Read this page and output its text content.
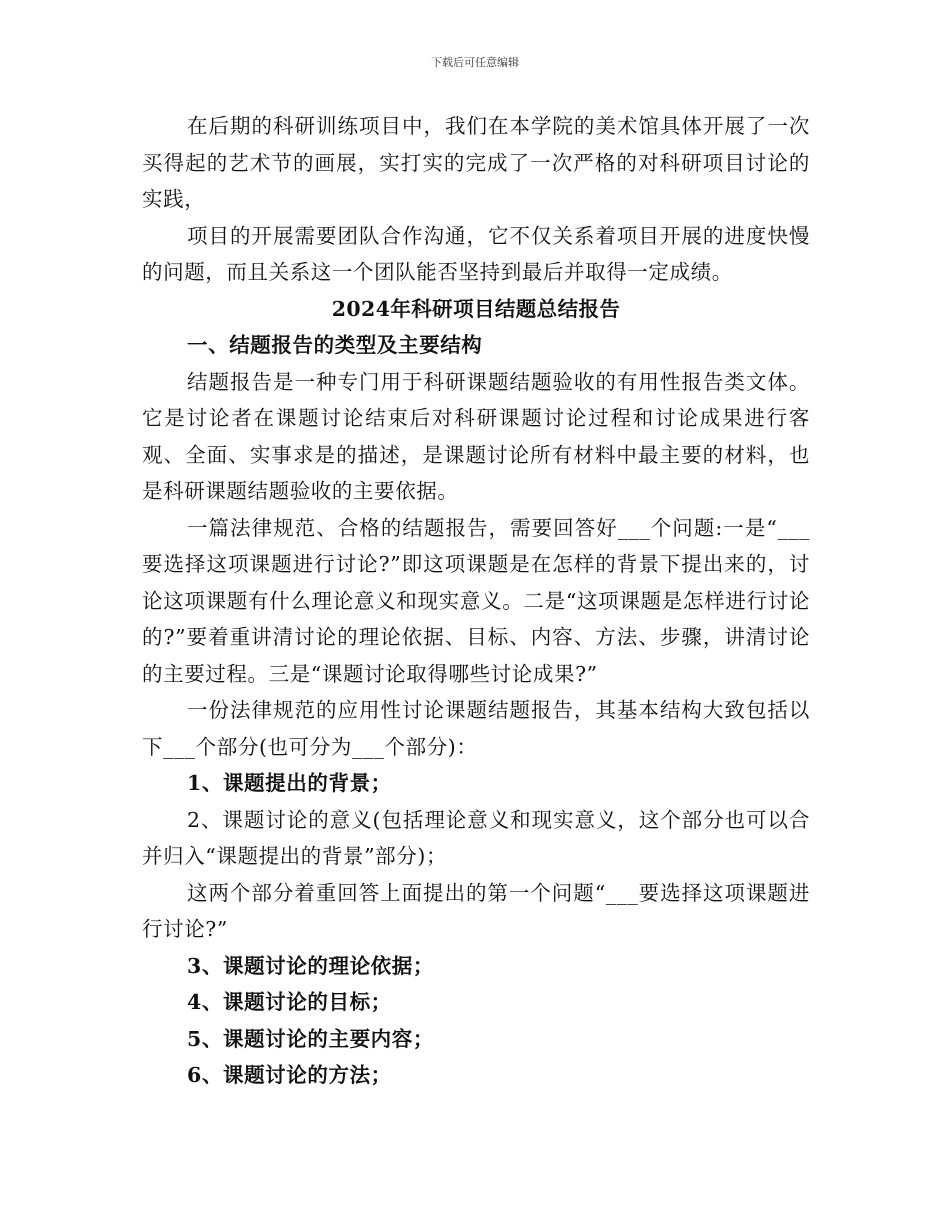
下载后可任意编辑

在后期的科研训练项目中，我们在本学院的美术馆具体开展了一次买得起的艺术节的画展，实打实的完成了一次严格的对科研项目讨论的实践，

项目的开展需要团队合作沟通，它不仅关系着项目开展的进度快慢的问题，而且关系这一个团队能否坚持到最后并取得一定成绩。

2024年科研项目结题总结报告

一、结题报告的类型及主要结构

结题报告是一种专门用于科研课题结题验收的有用性报告类文体。它是讨论者在课题讨论结束后对科研课题讨论过程和讨论成果进行客观、全面、实事求是的描述，是课题讨论所有材料中最主要的材料，也是科研课题结题验收的主要依据。

一篇法律规范、合格的结题报告，需要回答好___个问题:一是“___要选择这项课题进行讨论?”即这项课题是在怎样的背景下提出来的，讨论这项课题有什么理论意义和现实意义。二是“这项课题是怎样进行讨论的?”要着重讲清讨论的理论依据、目标、内容、方法、步骤，讲清讨论的主要过程。三是“课题讨论取得哪些讨论成果?”

一份法律规范的应用性讨论课题结题报告，其基本结构大致包括以下___个部分(也可分为___个部分)：

1、课题提出的背景；

2、课题讨论的意义(包括理论意义和现实意义，这个部分也可以合并归入“课题提出的背景”部分)；

这两个部分着重回答上面提出的第一个问题“___要选择这项课题进行讨论?”

3、课题讨论的理论依据；

4、课题讨论的目标；

5、课题讨论的主要内容；

6、课题讨论的方法；
